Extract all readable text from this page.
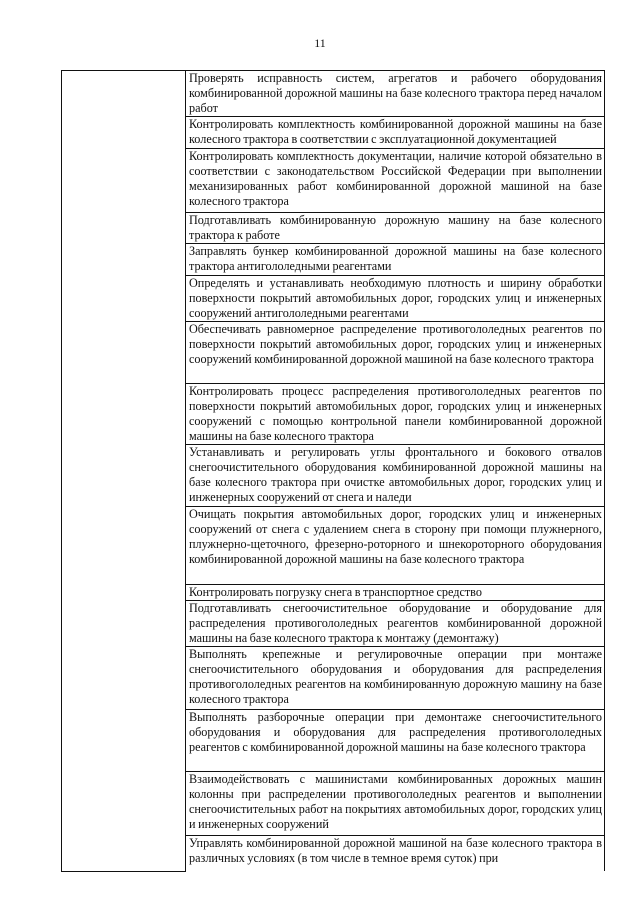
11
	Проверять исправность систем, агрегатов и рабочего оборудования комбинированной дорожной машины на базе колесного трактора перед началом работ
Контролировать комплектность комбинированной дорожной машины на базе колесного трактора в соответствии с эксплуатационной документацией
Контролировать комплектность документации, наличие которой обязательно в соответствии с законодательством Российской Федерации при выполнении механизированных работ комбинированной дорожной машиной на базе колесного трактора
Подготавливать комбинированную дорожную машину на базе колесного трактора к работе
Заправлять бункер комбинированной дорожной машины на базе колесного трактора антигололедными реагентами
Определять и устанавливать необходимую плотность и ширину обработки поверхности покрытий автомобильных дорог, городских улиц и инженерных сооружений антигололедными реагентами
Обеспечивать равномерное распределение противогололедных реагентов по поверхности покрытий автомобильных дорог, городских улиц и инженерных сооружений комбинированной дорожной машиной на базе колесного трактора
Контролировать процесс распределения противогололедных реагентов по поверхности покрытий автомобильных дорог, городских улиц и инженерных сооружений с помощью контрольной панели комбинированной дорожной машины на базе колесного трактора
Устанавливать и регулировать углы фронтального и бокового отвалов снегоочистительного оборудования комбинированной дорожной машины на базе колесного трактора при очистке автомобильных дорог, городских улиц и инженерных сооружений от снега и наледи
Очищать покрытия автомобильных дорог, городских улиц и инженерных сооружений от снега с удалением снега в сторону при помощи плужнерного, плужнерно-щеточного, фрезерно-роторного и шнекороторного оборудования комбинированной дорожной машины на базе колесного трактора
Контролировать погрузку снега в транспортное средство
Подготавливать снегоочистительное оборудование и оборудование для распределения противогололедных реагентов комбинированной дорожной машины на базе колесного трактора к монтажу (демонтажу)
Выполнять крепежные и регулировочные операции при монтаже снегоочистительного оборудования и оборудования для распределения противогололедных реагентов на комбинированную дорожную машину на базе колесного трактора
Выполнять разборочные операции при демонтаже снегоочистительного оборудования и оборудования для распределения противогололедных реагентов с комбинированной дорожной машины на базе колесного трактора
Взаимодействовать с машинистами комбинированных дорожных машин колонны при распределении противогололедных реагентов и выполнении снегоочистительных работ на покрытиях автомобильных дорог, городских улиц и инженерных сооружений
Управлять комбинированной дорожной машиной на базе колесного трактора в различных условиях (в том числе в темное время суток) при
